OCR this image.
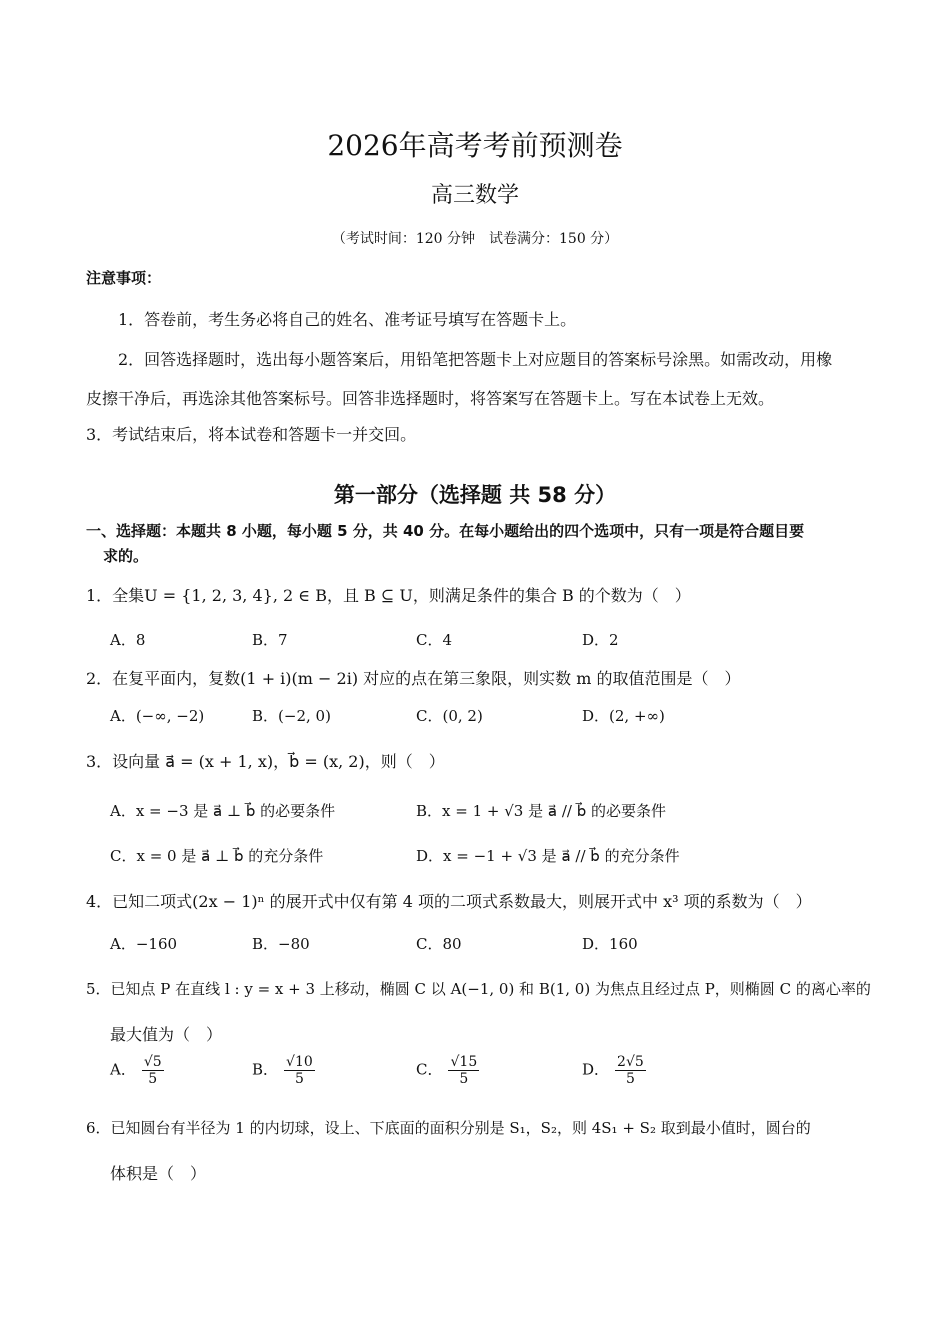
2026年高考考前预测卷
高三数学
（考试时间：120 分钟　试卷满分：150 分）
注意事项：
1．答卷前，考生务必将自己的姓名、准考证号填写在答题卡上。
2．回答选择题时，选出每小题答案后，用铅笔把答题卡上对应题目的答案标号涂黑。如需改动，用橡
皮擦干净后，再选涂其他答案标号。回答非选择题时，将答案写在答题卡上。写在本试卷上无效。
3．考试结束后，将本试卷和答题卡一并交回。
第一部分（选择题 共 58 分）
一、选择题：本题共 8 小题，每小题 5 分，共 40 分。在每小题给出的四个选项中，只有一项是符合题目要
求的。
1．全集U = {1, 2, 3, 4}, 2 ∈ B，且 B ⊆ U，则满足条件的集合 B 的个数为（　）
A．8	B．7	C．4	D．2
2．在复平面内，复数(1 + i)(m − 2i) 对应的点在第三象限，则实数 m 的取值范围是（　）
A．(−∞, −2)	B．(−2, 0)	C．(0, 2)	D．(2, +∞)
3．设向量 a⃗ = (x + 1, x)，b⃗ = (x, 2)，则（　）
A．x = −3 是 a⃗ ⊥ b⃗ 的必要条件	B．x = 1 + √3 是 a⃗ // b⃗ 的必要条件
C．x = 0 是 a⃗ ⊥ b⃗ 的充分条件	D．x = −1 + √3 是 a⃗ // b⃗ 的充分条件
4．已知二项式(2x − 1)ⁿ 的展开式中仅有第 4 项的二项式系数最大，则展开式中 x³ 项的系数为（　）
A．−160	B．−80	C．80	D．160
5．已知点 P 在直线 l : y = x + 3 上移动，椭圆 C 以 A(−1, 0) 和 B(1, 0) 为焦点且经过点 P，则椭圆 C 的离心率的
最大值为（　）
A． $\frac{√5}{5}$	B． $\frac{√10}{5}$	C． $\frac{√15}{5}$	D． $\frac{2√5}{5}$
6．已知圆台有半径为 1 的内切球，设上、下底面的面积分别是 S₁，S₂，则 4S₁ + S₂ 取到最小值时，圆台的
体积是（　）
